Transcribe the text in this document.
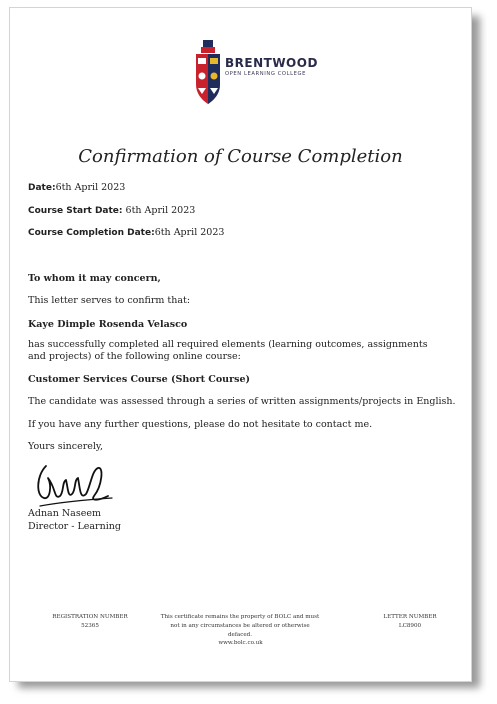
BRENTWOOD
OPEN LEARNING COLLEGE
Confirmation of Course Completion
Date:6th April 2023
Course Start Date: 6th April 2023
Course Completion Date:6th April 2023
To whom it may concern,
This letter serves to confirm that:
Kaye Dimple Rosenda Velasco
has successfully completed all required elements (learning outcomes, assignments and projects) of the following online course:
Customer Services Course (Short Course)
The candidate was assessed through a series of written assignments/projects in English.
If you have any further questions, please do not hesitate to contact me.
Yours sincerely,
Adnan Naseem
Director - Learning
REGISTRATION NUMBER
52365
This certificate remains the property of BOLC and must
not in any circumstances be altered or otherwise defaced.
LETTER NUMBER
LC8900
www.bolc.co.uk
